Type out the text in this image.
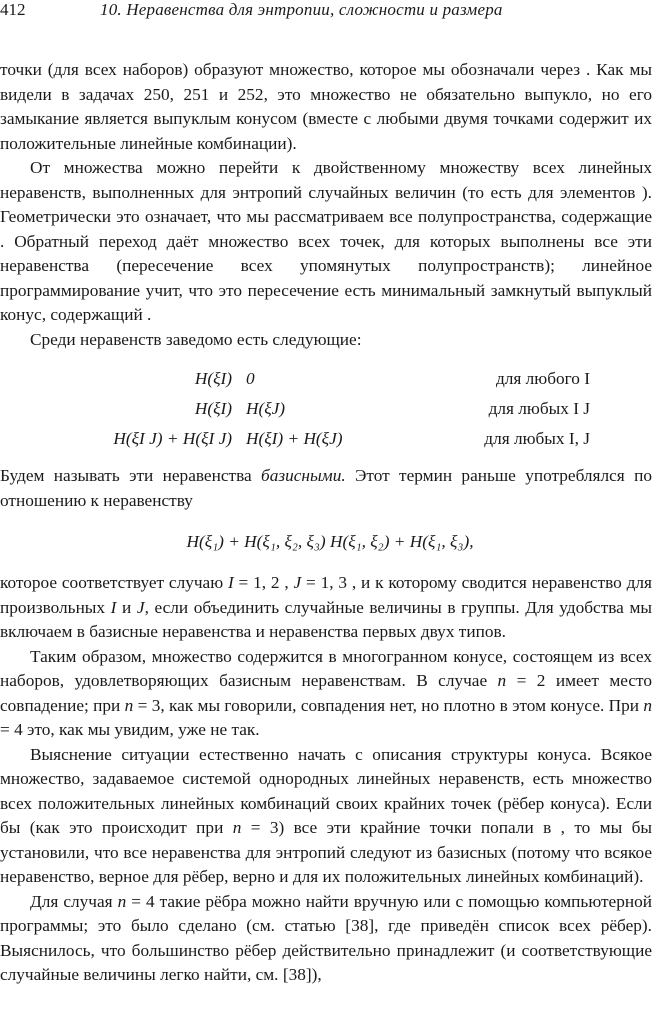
412	10. Неравенства для энтропии, сложности и размера

точки (для всех наборов) образуют множество, которое мы обозначали через . Как мы видели в задачах 250, 251 и 252, это множество не обязательно выпукло, но его замыкание является выпуклым конусом (вместе с любыми двумя точками содержит их положительные линейные комбинации).

От множества можно перейти к двойственному множеству всех линейных неравенств, выполненных для энтропий случайных величин (то есть для элементов ). Геометрически это означает, что мы рассматриваем все полупространства, содержащие . Обратный переход даёт множество всех точек, для которых выполнены все эти неравенства (пересечение всех упомянутых полупространств); линейное программирование учит, что это пересечение есть минимальный замкнутый выпуклый конус, содержащий .

Среди неравенств заведомо есть следующие:

H(ξ⁠I)	0	для любого I
H(ξ⁠I)	H(ξ⁠J)	для любых I J
H(ξ⁠I J) + H(ξ⁠I J)	H(ξ⁠I) + H(ξ⁠J)	для любых I, J

Будем называть эти неравенства базисными. Этот термин раньше употреблялся по отношению к неравенству

H(ξ₁) + H(ξ₁, ξ₂, ξ₃) H(ξ₁, ξ₂) + H(ξ₁, ξ₃),

которое соответствует случаю I = 1, 2 , J = 1, 3 , и к которому сводится неравенство для произвольных I и J, если объединить случайные величины в группы. Для удобства мы включаем в базисные неравенства и неравенства первых двух типов.

Таким образом, множество содержится в многогранном конусе, состоящем из всех наборов, удовлетворяющих базисным неравенствам. В случае n = 2 имеет место совпадение; при n = 3, как мы говорили, совпадения нет, но плотно в этом конусе. При n = 4 это, как мы увидим, уже не так.

Выяснение ситуации естественно начать с описания структуры конуса. Всякое множество, задаваемое системой однородных линейных неравенств, есть множество всех положительных линейных комбинаций своих крайних точек (рёбер конуса). Если бы (как это происходит при n = 3) все эти крайние точки попали в , то мы бы установили, что все неравенства для энтропий следуют из базисных (потому что всякое неравенство, верное для рёбер, верно и для их положительных линейных комбинаций).

Для случая n = 4 такие рёбра можно найти вручную или с помощью компьютерной программы; это было сделано (см. статью [38], где приведён список всех рёбер). Выяснилось, что большинство рёбер действительно принадлежит (и соответствующие случайные величины легко найти, см. [38]),
